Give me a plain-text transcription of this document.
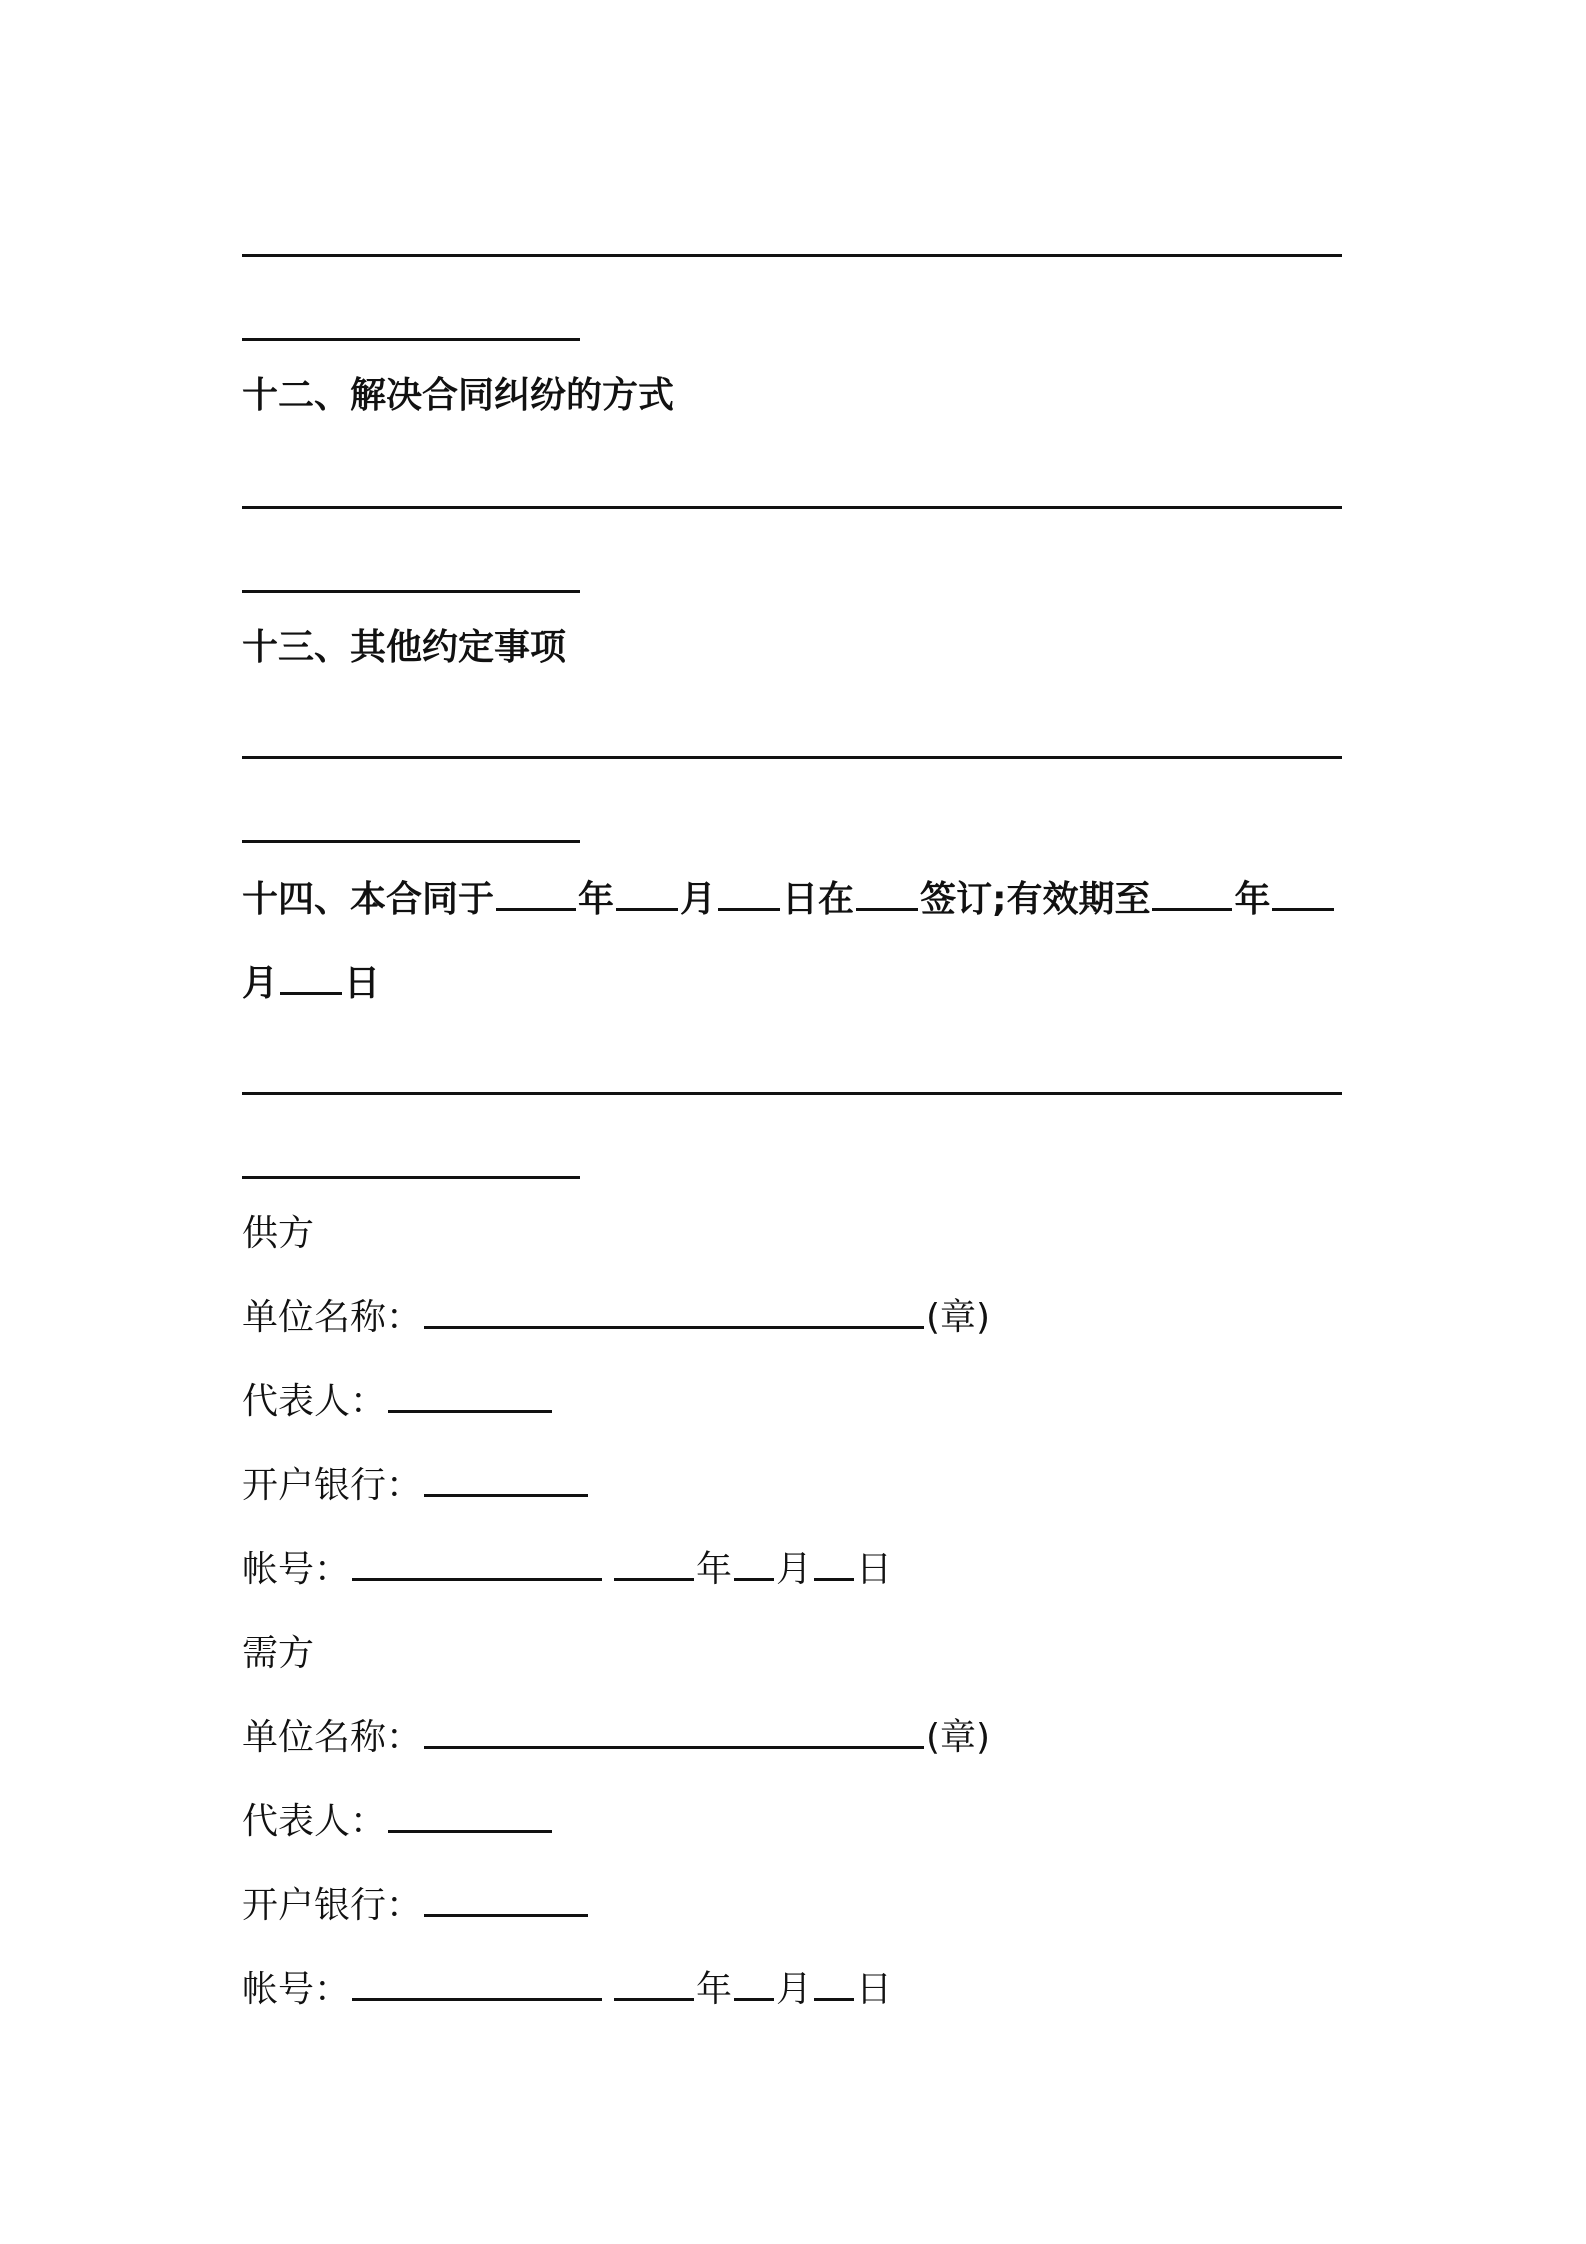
十二、解决合同纠纷的方式
十三、其他约定事项
十四、本合同于 年 月 日在 签订;有效期至 年
月 日
供方
单位名称：	(章)
代表人：
开户银行：
帐号：	年 月 日
需方
单位名称：	(章)
代表人：
开户银行：
帐号：	年 月 日
